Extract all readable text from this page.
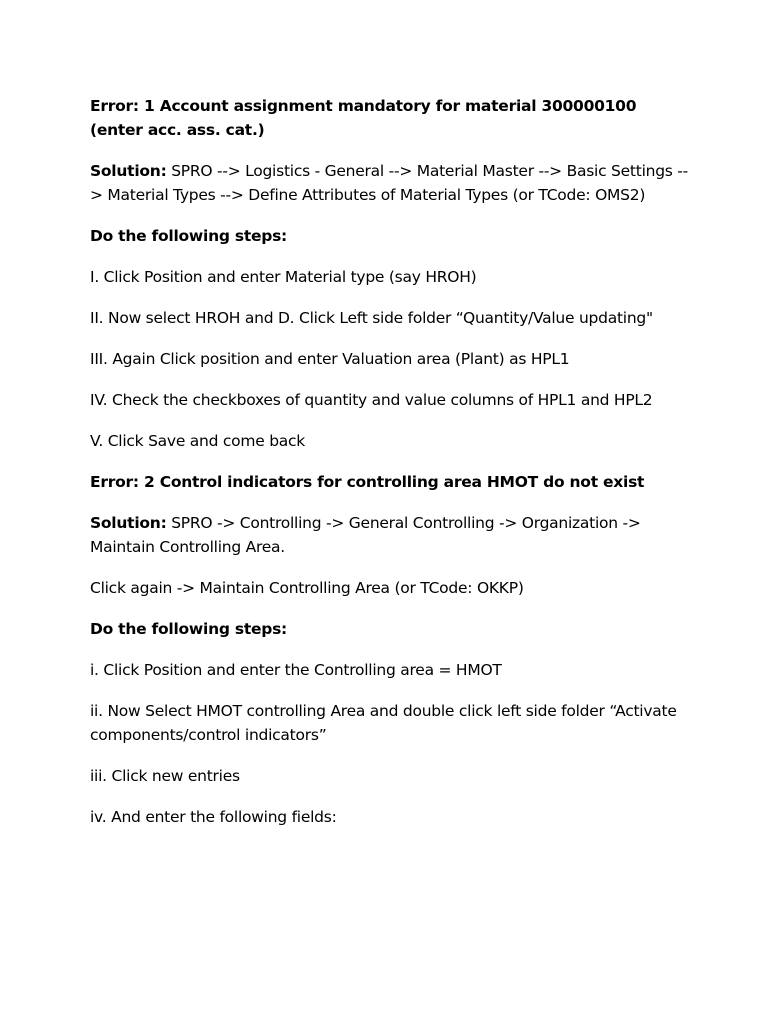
Error: 1 Account assignment mandatory for material 300000100 (enter acc. ass. cat.)

Solution: SPRO --> Logistics - General --> Material Master --> Basic Settings --> Material Types --> Define Attributes of Material Types (or TCode: OMS2)

Do the following steps:

I. Click Position and enter Material type (say HROH)

II. Now select HROH and D. Click Left side folder “Quantity/Value updating"

III. Again Click position and enter Valuation area (Plant) as HPL1

IV. Check the checkboxes of quantity and value columns of HPL1 and HPL2

V. Click Save and come back

Error: 2 Control indicators for controlling area HMOT do not exist

Solution: SPRO -> Controlling -> General Controlling -> Organization -> Maintain Controlling Area.

Click again -> Maintain Controlling Area (or TCode: OKKP)

Do the following steps:

i. Click Position and enter the Controlling area = HMOT

ii. Now Select HMOT controlling Area and double click left side folder “Activate components/control indicators”

iii. Click new entries

iv. And enter the following fields:
